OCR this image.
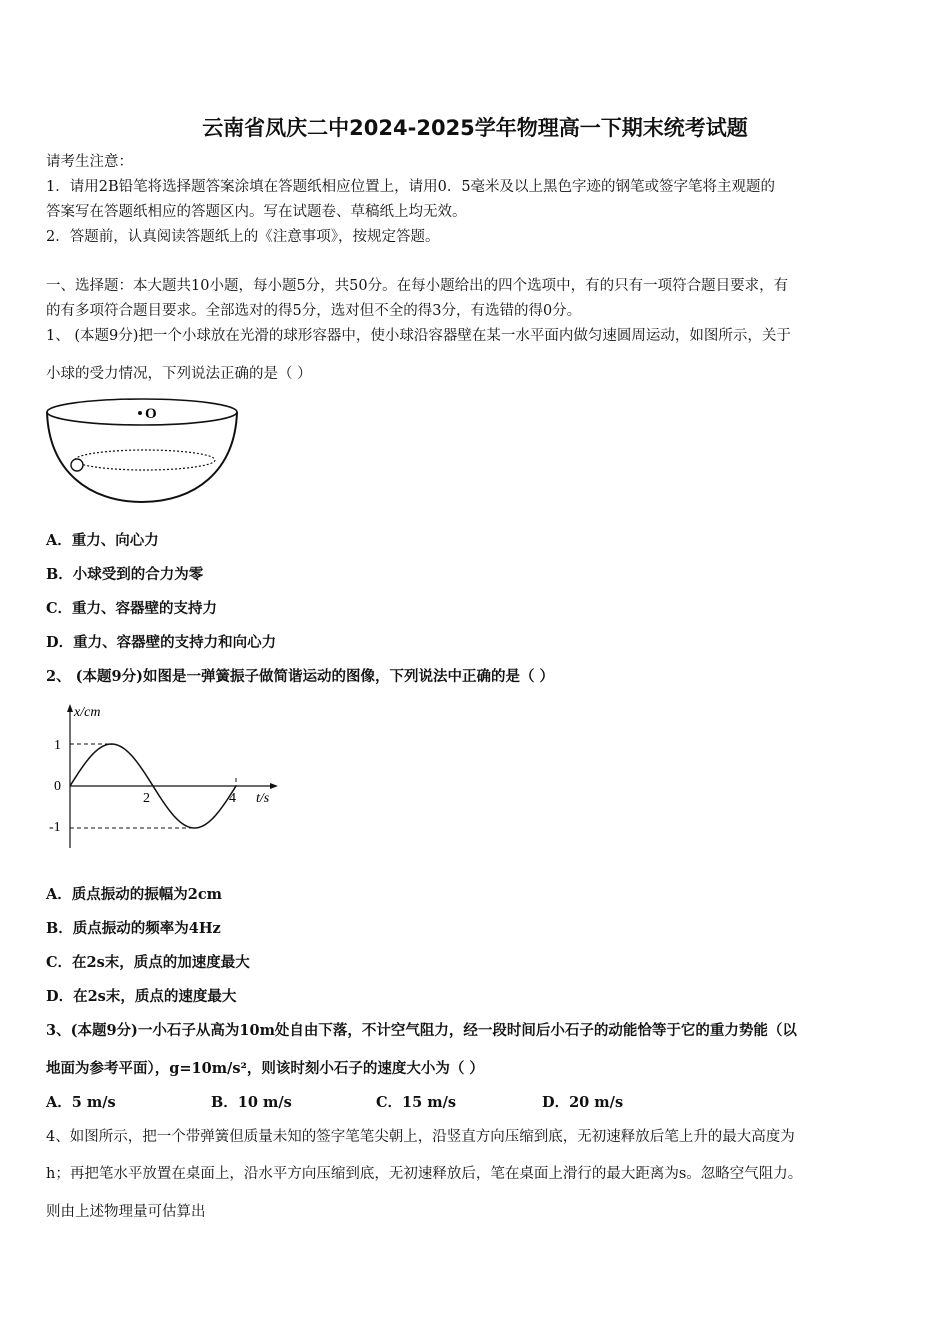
云南省凤庆二中2024-2025学年物理高一下期末统考试题
请考生注意：
1．请用2B铅笔将选择题答案涂填在答题纸相应位置上，请用0．5毫米及以上黑色字迹的钢笔或签字笔将主观题的
答案写在答题纸相应的答题区内。写在试题卷、草稿纸上均无效。
2．答题前，认真阅读答题纸上的《注意事项》，按规定答题。
一、选择题：本大题共10小题，每小题5分，共50分。在每小题给出的四个选项中，有的只有一项符合题目要求，有
的有多项符合题目要求。全部选对的得5分，选对但不全的得3分，有选错的得0分。
1、 (本题9分)把一个小球放在光滑的球形容器中，使小球沿容器壁在某一水平面内做匀速圆周运动，如图所示，关于
小球的受力情况，下列说法正确的是（ ）
O
A．重力、向心力
B．小球受到的合力为零
C．重力、容器壁的支持力
D．重力、容器壁的支持力和向心力
2、 (本题9分)如图是一弹簧振子做简谐运动的图像，下列说法中正确的是（ ）
x/cm
t/s
1
-1
0
2	4
A．质点振动的振幅为2cm
B．质点振动的频率为4Hz
C．在2s末，质点的加速度最大
D．在2s末，质点的速度最大
3、(本题9分)一小石子从高为10m处自由下落，不计空气阻力，经一段时间后小石子的动能恰等于它的重力势能（以
地面为参考平面），g=10m/s²，则该时刻小石子的速度大小为（ ）
A．5 m/s	B．10 m/s	C．15 m/s	D．20 m/s
4、如图所示，把一个带弹簧但质量未知的签字笔笔尖朝上，沿竖直方向压缩到底，无初速释放后笔上升的最大高度为
h；再把笔水平放置在桌面上，沿水平方向压缩到底，无初速释放后，笔在桌面上滑行的最大距离为s。忽略空气阻力。
则由上述物理量可估算出
